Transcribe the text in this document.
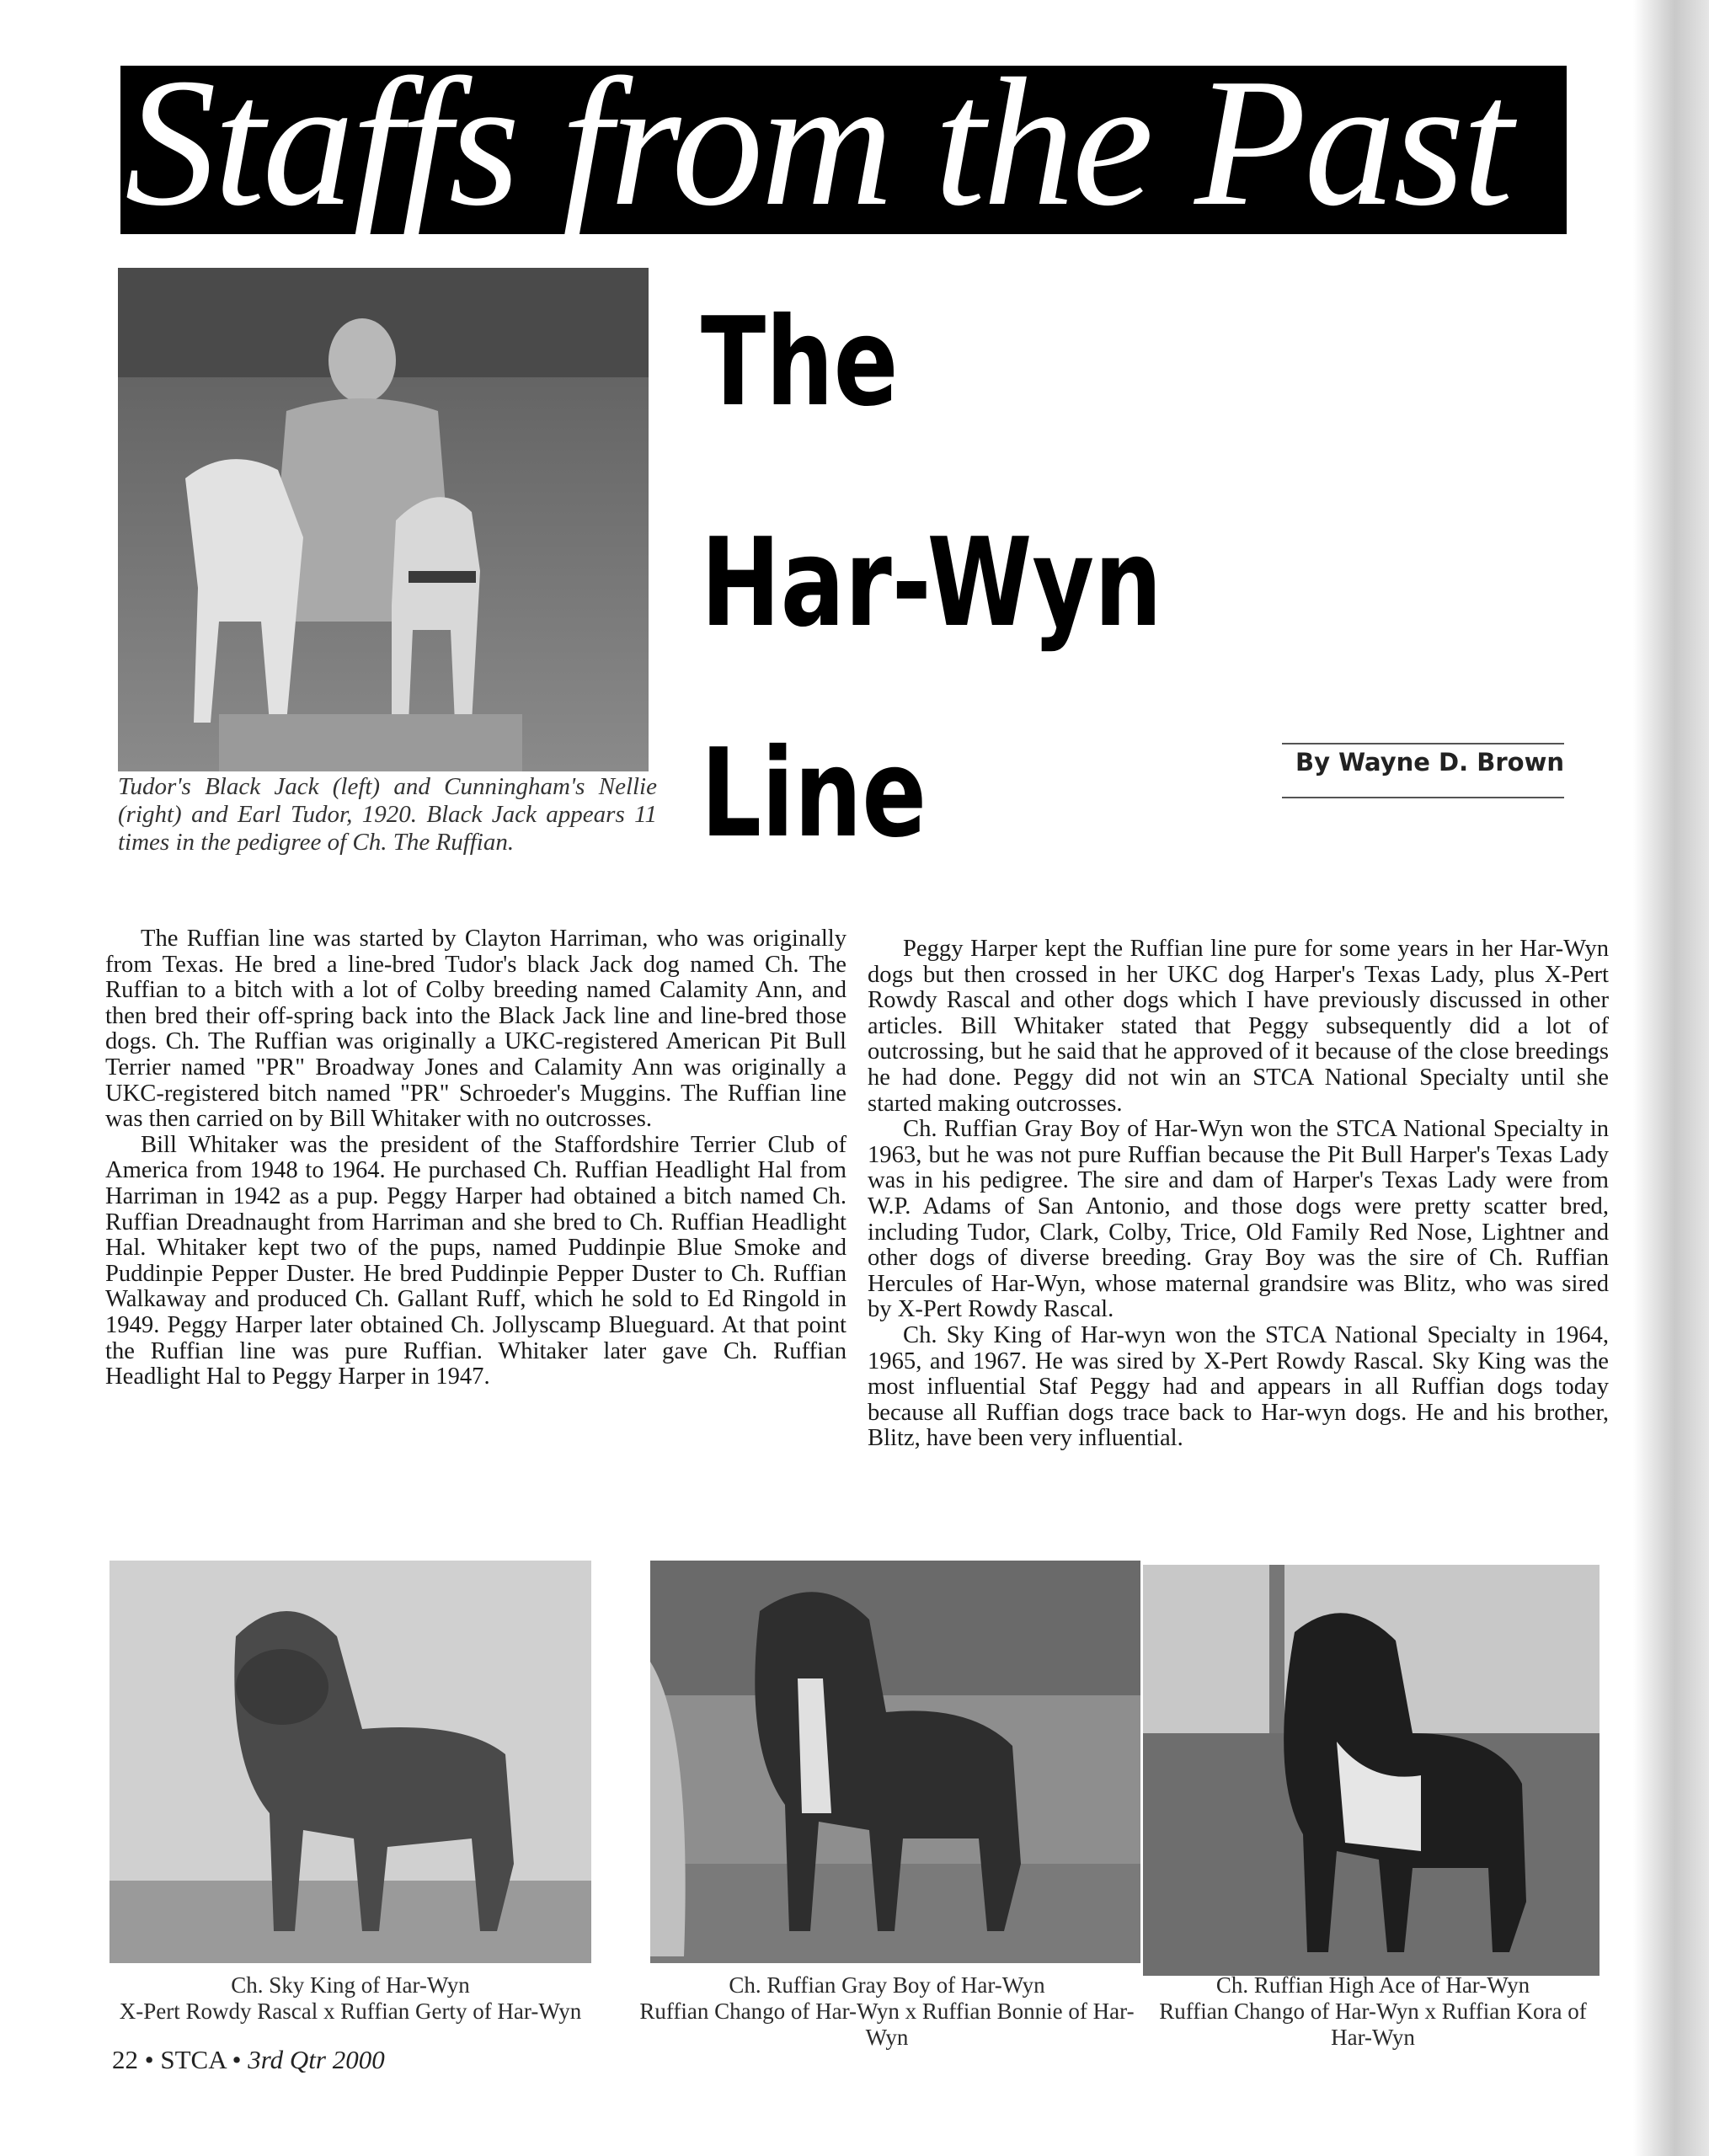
Staffs from the Past
The
Har-Wyn
Line	By Wayne D. Brown
Tudor's Black Jack (left) and Cunningham's Nellie (right) and Earl Tudor, 1920. Black Jack appears 11 times in the pedigree of Ch. The Ruffian.

The Ruffian line was started by Clayton Harriman, who was originally from Texas. He bred a line-bred Tudor's black Jack dog named Ch. The Ruffian to a bitch with a lot of Colby breeding named Calamity Ann, and then bred their off-spring back into the Black Jack line and line-bred those dogs. Ch. The Ruffian was originally a UKC-registered American Pit Bull Terrier named "PR" Broadway Jones and Calamity Ann was originally a UKC-registered bitch named "PR" Schroeder's Muggins. The Ruffian line was then carried on by Bill Whitaker with no outcrosses.

Bill Whitaker was the president of the Staffordshire Terrier Club of America from 1948 to 1964. He purchased Ch. Ruffian Headlight Hal from Harriman in 1942 as a pup. Peggy Harper had obtained a bitch named Ch. Ruffian Dreadnaught from Harriman and she bred to Ch. Ruffian Headlight Hal. Whitaker kept two of the pups, named Puddinpie Blue Smoke and Puddinpie Pepper Duster. He bred Puddinpie Pepper Duster to Ch. Ruffian Walkaway and produced Ch. Gallant Ruff, which he sold to Ed Ringold in 1949. Peggy Harper later obtained Ch. Jollyscamp Blueguard. At that point the Ruffian line was pure Ruffian. Whitaker later gave Ch. Ruffian Headlight Hal to Peggy Harper in 1947.

Peggy Harper kept the Ruffian line pure for some years in her Har-Wyn dogs but then crossed in her UKC dog Harper's Texas Lady, plus X-Pert Rowdy Rascal and other dogs which I have previously discussed in other articles. Bill Whitaker stated that Peggy subsequently did a lot of outcrossing, but he said that he approved of it because of the close breedings he had done. Peggy did not win an STCA National Specialty until she started making outcrosses.

Ch. Ruffian Gray Boy of Har-Wyn won the STCA National Specialty in 1963, but he was not pure Ruffian because the Pit Bull Harper's Texas Lady was in his pedigree. The sire and dam of Harper's Texas Lady were from W.P. Adams of San Antonio, and those dogs were pretty scatter bred, including Tudor, Clark, Colby, Trice, Old Family Red Nose, Lightner and other dogs of diverse breeding. Gray Boy was the sire of Ch. Ruffian Hercules of Har-Wyn, whose maternal grandsire was Blitz, who was sired by X-Pert Rowdy Rascal.

Ch. Sky King of Har-wyn won the STCA National Specialty in 1964, 1965, and 1967. He was sired by X-Pert Rowdy Rascal. Sky King was the most influential Staf Peggy had and appears in all Ruffian dogs today because all Ruffian dogs trace back to Har-wyn dogs. He and his brother, Blitz, have been very influential.

Ch. Sky King of Har-Wyn
X-Pert Rowdy Rascal x Ruffian Gerty of Har-Wyn
Ch. Ruffian Gray Boy of Har-Wyn
Ruffian Chango of Har-Wyn x Ruffian Bonnie of Har-Wyn
Ch. Ruffian High Ace of Har-Wyn
Ruffian Chango of Har-Wyn x Ruffian Kora of Har-Wyn
22 • STCA • 3rd Qtr 2000
